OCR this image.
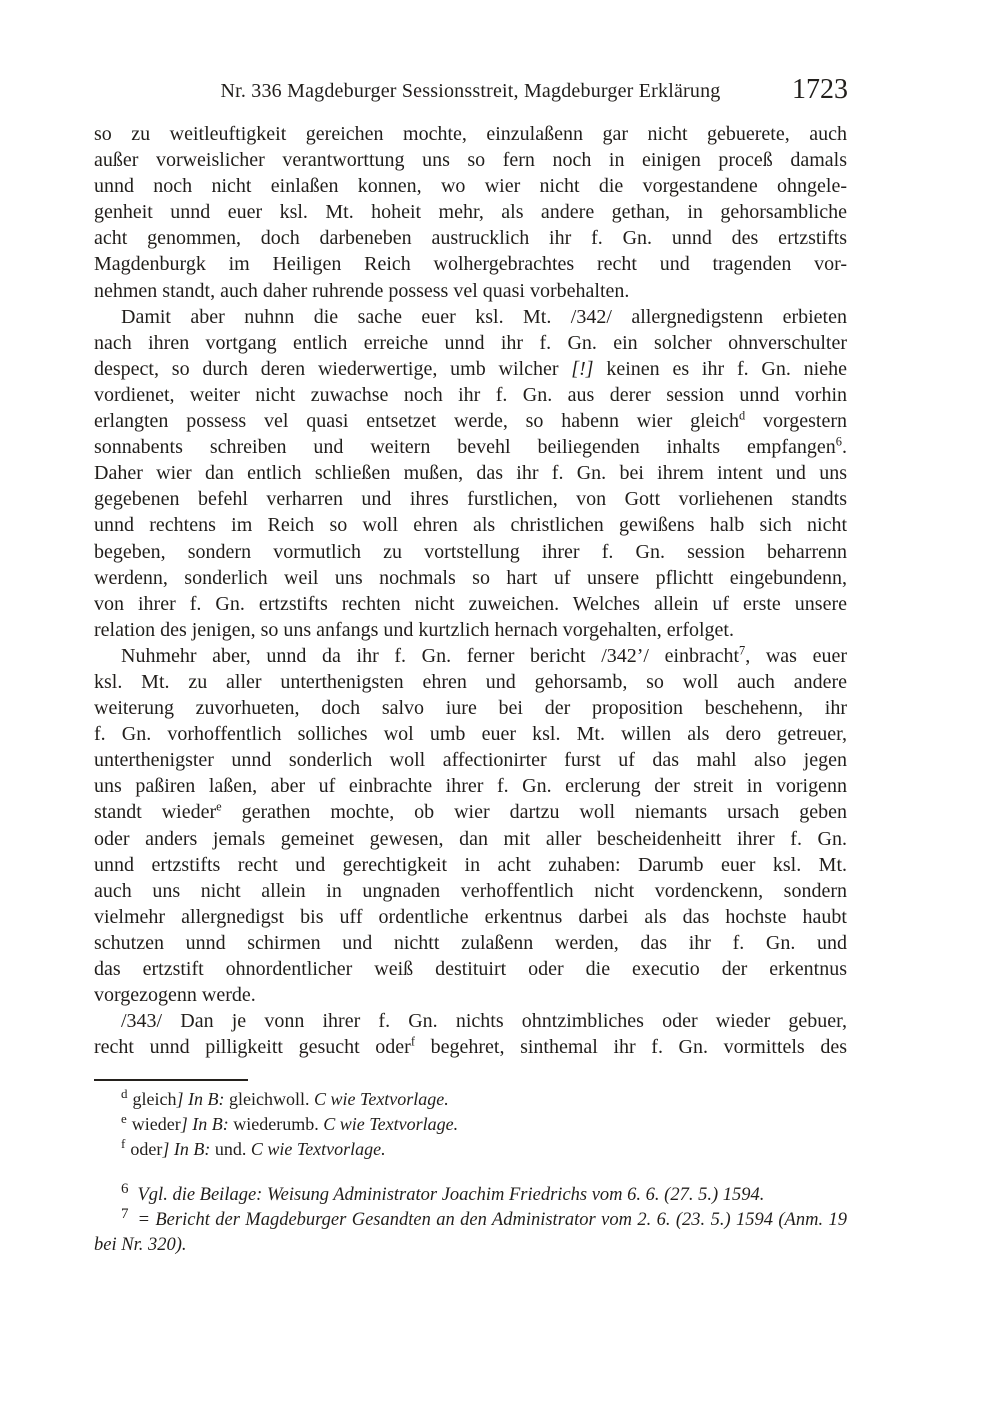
Nr. 336 Magdeburger Sessionsstreit, Magdeburger Erklärung	1723
so zu weitleuftigkeit gereichen mochte, einzulaßenn gar nicht gebuerete, auch
außer vorweislicher verantworttung uns so fern noch in einigen proceß damals
unnd noch nicht einlaßen konnen, wo wier nicht die vorgestandene ohngele-
genheit unnd euer ksl. Mt. hoheit mehr, als andere gethan, in gehorsambliche
acht genommen, doch darbeneben austrucklich ihr f. Gn. unnd des ertzstifts
Magdenburgk im Heiligen Reich wolhergebrachtes recht und tragenden vor-
nehmen standt, auch daher ruhrende possess vel quasi vorbehalten.
Damit aber nuhnn die sache euer ksl. Mt. /342/ allergnedigstenn erbieten
nach ihren vortgang entlich erreiche unnd ihr f. Gn. ein solcher ohnverschulter
despect, so durch deren wiederwertige, umb wilcher [!] keinen es ihr f. Gn. niehe
vordienet, weiter nicht zuwachse noch ihr f. Gn. aus derer session unnd vorhin
erlangten possess vel quasi entsetzet werde, so habenn wier gleich$^d$ vorgestern
sonnabents schreiben und weitern bevehl beiliegenden inhalts empfangen$^6$.
Daher wier dan entlich schließen mußen, das ihr f. Gn. bei ihrem intent und uns
gegebenen befehl verharren und ihres furstlichen, von Gott vorliehenen standts
unnd rechtens im Reich so woll ehren als christlichen gewißens halb sich nicht
begeben, sondern vormutlich zu vortstellung ihrer f. Gn. session beharrenn
werdenn, sonderlich weil uns nochmals so hart uf unsere pflichtt eingebundenn,
von ihrer f. Gn. ertzstifts rechten nicht zuweichen. Welches allein uf erste unsere
relation des jenigen, so uns anfangs und kurtzlich hernach vorgehalten, erfolget.
Nuhmehr aber, unnd da ihr f. Gn. ferner bericht /342’/ einbracht$^7$, was euer
ksl. Mt. zu aller unterthenigsten ehren und gehorsamb, so woll auch andere
weiterung zuvorhueten, doch salvo iure bei der proposition beschehenn, ihr
f. Gn. vorhoffentlich solliches wol umb euer ksl. Mt. willen als dero getreuer,
unterthenigster unnd sonderlich woll affectionirter furst uf das mahl also jegen
uns paßiren laßen, aber uf einbrachte ihrer f. Gn. erclerung der streit in vorigenn
standt wieder$^e$ gerathen mochte, ob wier dartzu woll niemants ursach geben
oder anders jemals gemeinet gewesen, dan mit aller bescheidenheitt ihrer f. Gn.
unnd ertzstifts recht und gerechtigkeit in acht zuhaben: Darumb euer ksl. Mt.
auch uns nicht allein in ungnaden verhoffentlich nicht vordenckenn, sondern
vielmehr allergnedigst bis uff ordentliche erkentnus darbei als das hochste haubt
schutzen unnd schirmen und nichtt zulaßenn werden, das ihr f. Gn. und
das ertzstift ohnordentlicher weiß destituirt oder die executio der erkentnus
vorgezogenn werde.
/343/ Dan je vonn ihrer f. Gn. nichts ohntzimbliches oder wieder gebuer,
recht unnd pilligkeitt gesucht oder$^f$ begehret, sinthemal ihr f. Gn. vormittels des
$^d$ gleich] In B: gleichwoll. C wie Textvorlage.
$^e$ wieder] In B: wiederumb. C wie Textvorlage.
$^f$ oder] In B: und. C wie Textvorlage.
$^6$ Vgl. die Beilage: Weisung Administrator Joachim Friedrichs vom 6. 6. (27. 5.) 1594.
$^7$ = Bericht der Magdeburger Gesandten an den Administrator vom 2. 6. (23. 5.) 1594 (Anm. 19
bei Nr. 320).
